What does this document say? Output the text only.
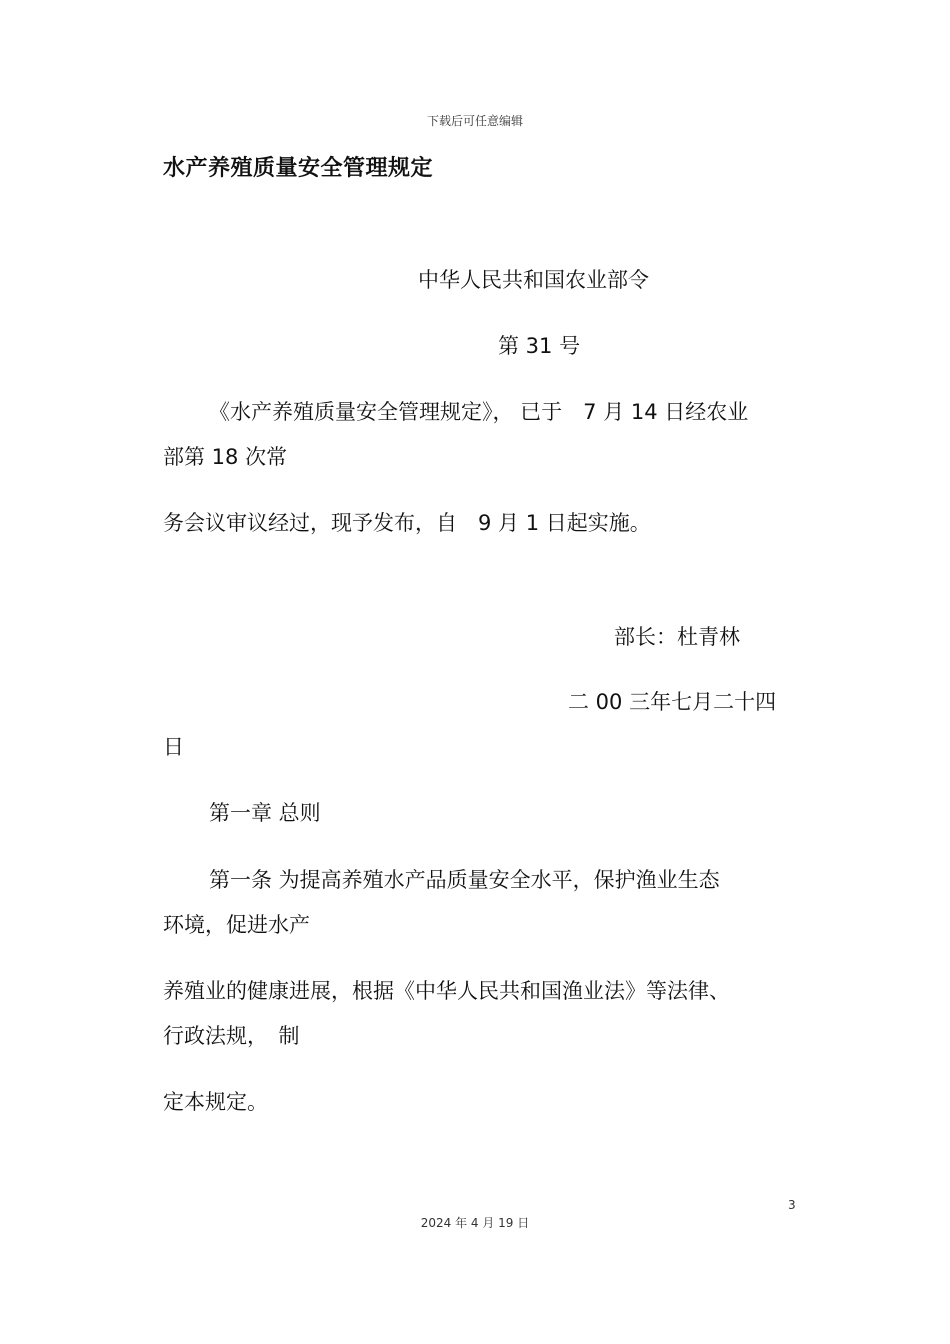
下载后可任意编辑
水产养殖质量安全管理规定
中华人民共和国农业部令
第 31 号
《水产养殖质量安全管理规定》， 已于　7 月 14 日经农业
部第 18 次常
务会议审议经过，现予发布，自　9 月 1 日起实施。
部长：杜青林
二 00 三年七月二十四
日
第一章 总则
第一条 为提高养殖水产品质量安全水平，保护渔业生态
环境，促进水产
养殖业的健康进展，根据《中华人民共和国渔业法》等法律、
行政法规，　制
定本规定。
3
2024 年 4 月 19 日
